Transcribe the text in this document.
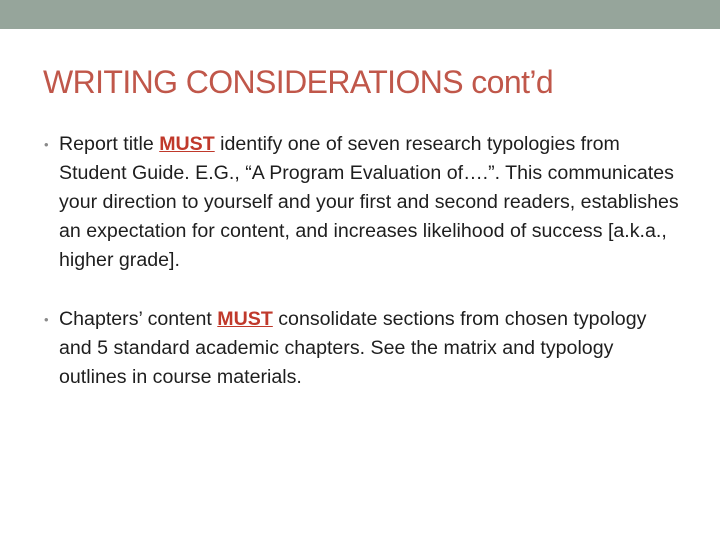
WRITING CONSIDERATIONS cont’d
• Report title MUST identify one of seven research typologies from Student Guide. E.G., “A Program Evaluation of….”. This communicates your direction to yourself and your first and second readers, establishes an expectation for content, and increases likelihood of success [a.k.a., higher grade].
• Chapters’ content MUST consolidate sections from chosen typology and 5 standard academic chapters. See the matrix and typology outlines in course materials.
